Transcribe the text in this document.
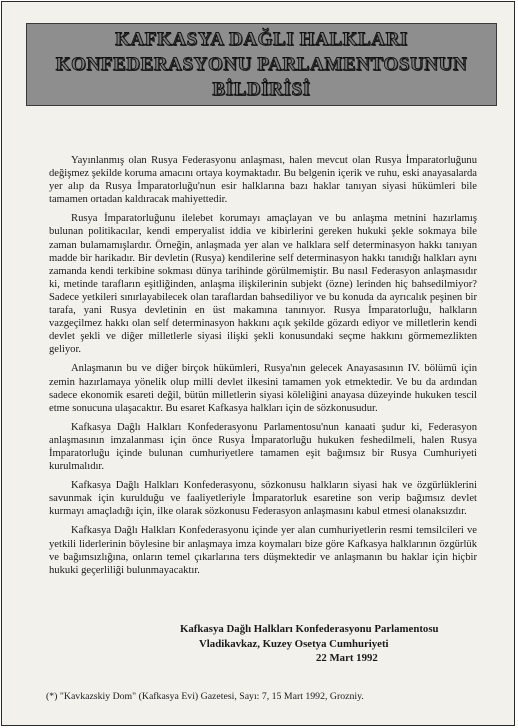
KAFKASYA DAĞLI HALKLARI
KONFEDERASYONU PARLAMENTOSUNUN
BİLDİRİSİ

Yayınlanmış olan Rusya Federasyonu anlaşması, halen mevcut olan Rusya İmparatorluğunu değişmez şekilde koruma amacını ortaya koymaktadır. Bu belgenin içerik ve ruhu, eski anayasalarda yer alıp da Rusya İmparatorluğu'nun esir halklarına bazı haklar tanıyan siyasi hükümleri bile tamamen ortadan kaldıracak mahiyettedir.

Rusya İmparatorluğunu ilelebet korumayı amaçlayan ve bu anlaşma metnini hazırlamış bulunan politikacılar, kendi emperyalist iddia ve kibirlerini gereken hukuki şekle sokmaya bile zaman bulamamışlardır. Örneğin, anlaşmada yer alan ve halklara self determinasyon hakkı tanıyan madde bir harikadır. Bir devletin (Rusya) kendilerine self determinasyon hakkı tanıdığı halkları aynı zamanda kendi terkibine sokması dünya tarihinde görülmemiştir. Bu nasıl Federasyon anlaşmasıdır ki, metinde tarafların eşitliğinden, anlaşma ilişkilerinin subjekt (özne) lerinden hiç bahsedilmiyor? Sadece yetkileri sınırlayabilecek olan taraflardan bahsediliyor ve bu konuda da ayrıcalık peşinen bir tarafa, yani Rusya devletinin en üst makamına tanınıyor. Rusya İmparatorluğu, halkların vazgeçilmez hakkı olan self determinasyon hakkını açık şekilde gözardı ediyor ve milletlerin kendi devlet şekli ve diğer milletlerle siyasi ilişki şekli konusundaki seçme hakkını görmemezlikten geliyor.

Anlaşmanın bu ve diğer birçok hükümleri, Rusya'nın gelecek Anayasasının IV. bölümü için zemin hazırlamaya yönelik olup milli devlet ilkesini tamamen yok etmektedir. Ve bu da ardından sadece ekonomik esareti değil, bütün milletlerin siyasi köleliğini anayasa düzeyinde hukuken tescil etme sonucuna ulaşacaktır. Bu esaret Kafkasya halkları için de sözkonusudur.

Kafkasya Dağlı Halkları Konfederasyonu Parlamentosu'nun kanaati şudur ki, Federasyon anlaşmasının imzalanması için önce Rusya İmparatorluğu hukuken feshedilmeli, halen Rusya İmparatorluğu içinde bulunan cumhuriyetlere tamamen eşit bağımsız bir Rusya Cumhuriyeti kurulmalıdır.

Kafkasya Dağlı Halkları Konfederasyonu, sözkonusu halkların siyasi hak ve özgürlüklerini savunmak için kurulduğu ve faaliyetleriyle İmparatorluk esaretine son verip bağımsız devlet kurmayı amaçladığı için, ilke olarak sözkonusu Federasyon anlaşmasını kabul etmesi olanaksızdır.

Kafkasya Dağlı Halkları Konfederasyonu içinde yer alan cumhuriyetlerin resmi temsilcileri ve yetkili liderlerinin böylesine bir anlaşmaya imza koymaları bize göre Kafkasya halklarının özgürlük ve bağımsızlığına, onların temel çıkarlarına ters düşmektedir ve anlaşmanın bu haklar için hiçbir hukuki geçerliliği bulunmayacaktır.

Kafkasya Dağlı Halkları Konfederasyonu Parlamentosu
Vladikavkaz, Kuzey Osetya Cumhuriyeti
22 Mart 1992
(*) "Kavkazskiy Dom" (Kafkasya Evi) Gazetesi, Sayı: 7, 15 Mart 1992, Grozniy.
